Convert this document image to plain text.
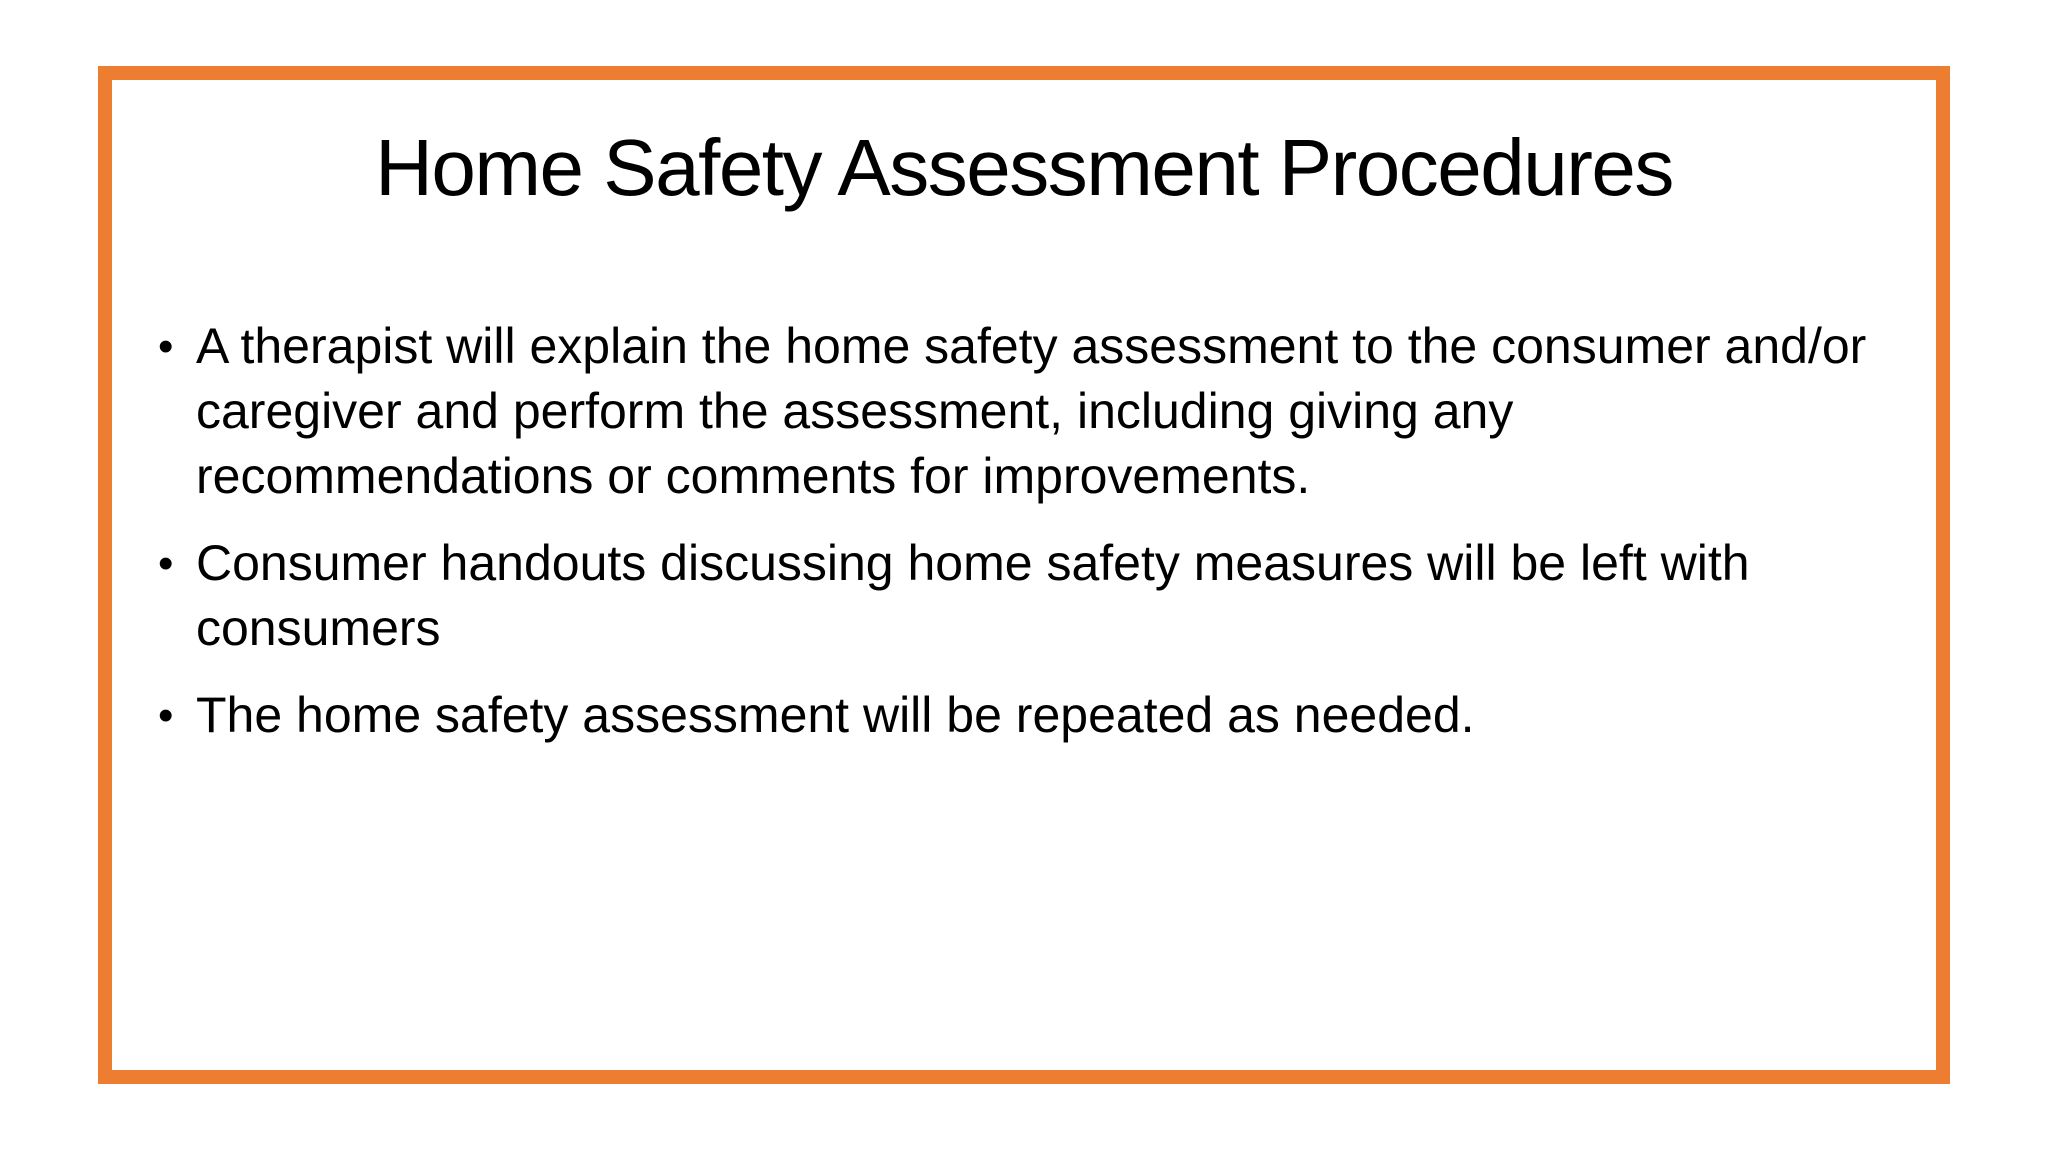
Home Safety Assessment Procedures
• A therapist will explain the home safety assessment to the consumer and/or caregiver and perform the assessment, including giving any recommendations or comments for improvements.
• Consumer handouts discussing home safety measures will be left with consumers
• The home safety assessment will be repeated as needed.
